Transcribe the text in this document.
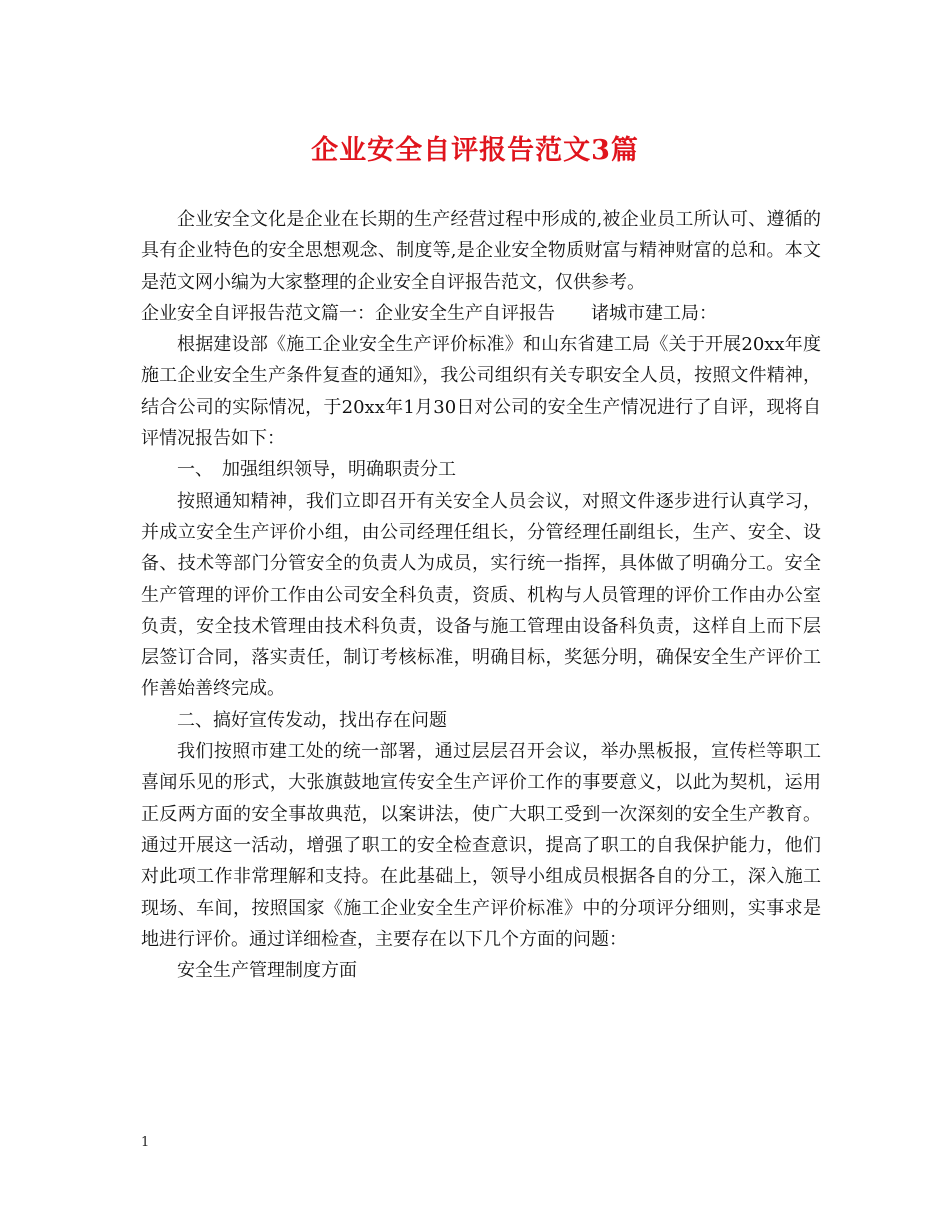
企业安全自评报告范文3篇

企业安全文化是企业在长期的生产经营过程中形成的,被企业员工所认可、遵循的具有企业特色的安全思想观念、制度等,是企业安全物质财富与精神财富的总和。本文是范文网小编为大家整理的企业安全自评报告范文，仅供参考。

企业安全自评报告范文篇一：企业安全生产自评报告　　诸城市建工局：

根据建设部《施工企业安全生产评价标准》和山东省建工局《关于开展20xx年度施工企业安全生产条件复查的通知》，我公司组织有关专职安全人员，按照文件精神，结合公司的实际情况，于20xx年1月30日对公司的安全生产情况进行了自评，现将自评情况报告如下：

一、　加强组织领导，明确职责分工

按照通知精神，我们立即召开有关安全人员会议，对照文件逐步进行认真学习，并成立安全生产评价小组，由公司经理任组长，分管经理任副组长，生产、安全、设备、技术等部门分管安全的负责人为成员，实行统一指挥，具体做了明确分工。安全生产管理的评价工作由公司安全科负责，资质、机构与人员管理的评价工作由办公室负责，安全技术管理由技术科负责，设备与施工管理由设备科负责，这样自上而下层层签订合同，落实责任，制订考核标准，明确目标，奖惩分明，确保安全生产评价工作善始善终完成。

二、搞好宣传发动，找出存在问题

我们按照市建工处的统一部署，通过层层召开会议，举办黑板报，宣传栏等职工喜闻乐见的形式，大张旗鼓地宣传安全生产评价工作的事要意义，以此为契机，运用正反两方面的安全事故典范，以案讲法，使广大职工受到一次深刻的安全生产教育。通过开展这一活动，增强了职工的安全检查意识，提高了职工的自我保护能力，他们对此项工作非常理解和支持。在此基础上，领导小组成员根据各自的分工，深入施工现场、车间，按照国家《施工企业安全生产评价标准》中的分项评分细则，实事求是地进行评价。通过详细检查，主要存在以下几个方面的问题：

安全生产管理制度方面

1
